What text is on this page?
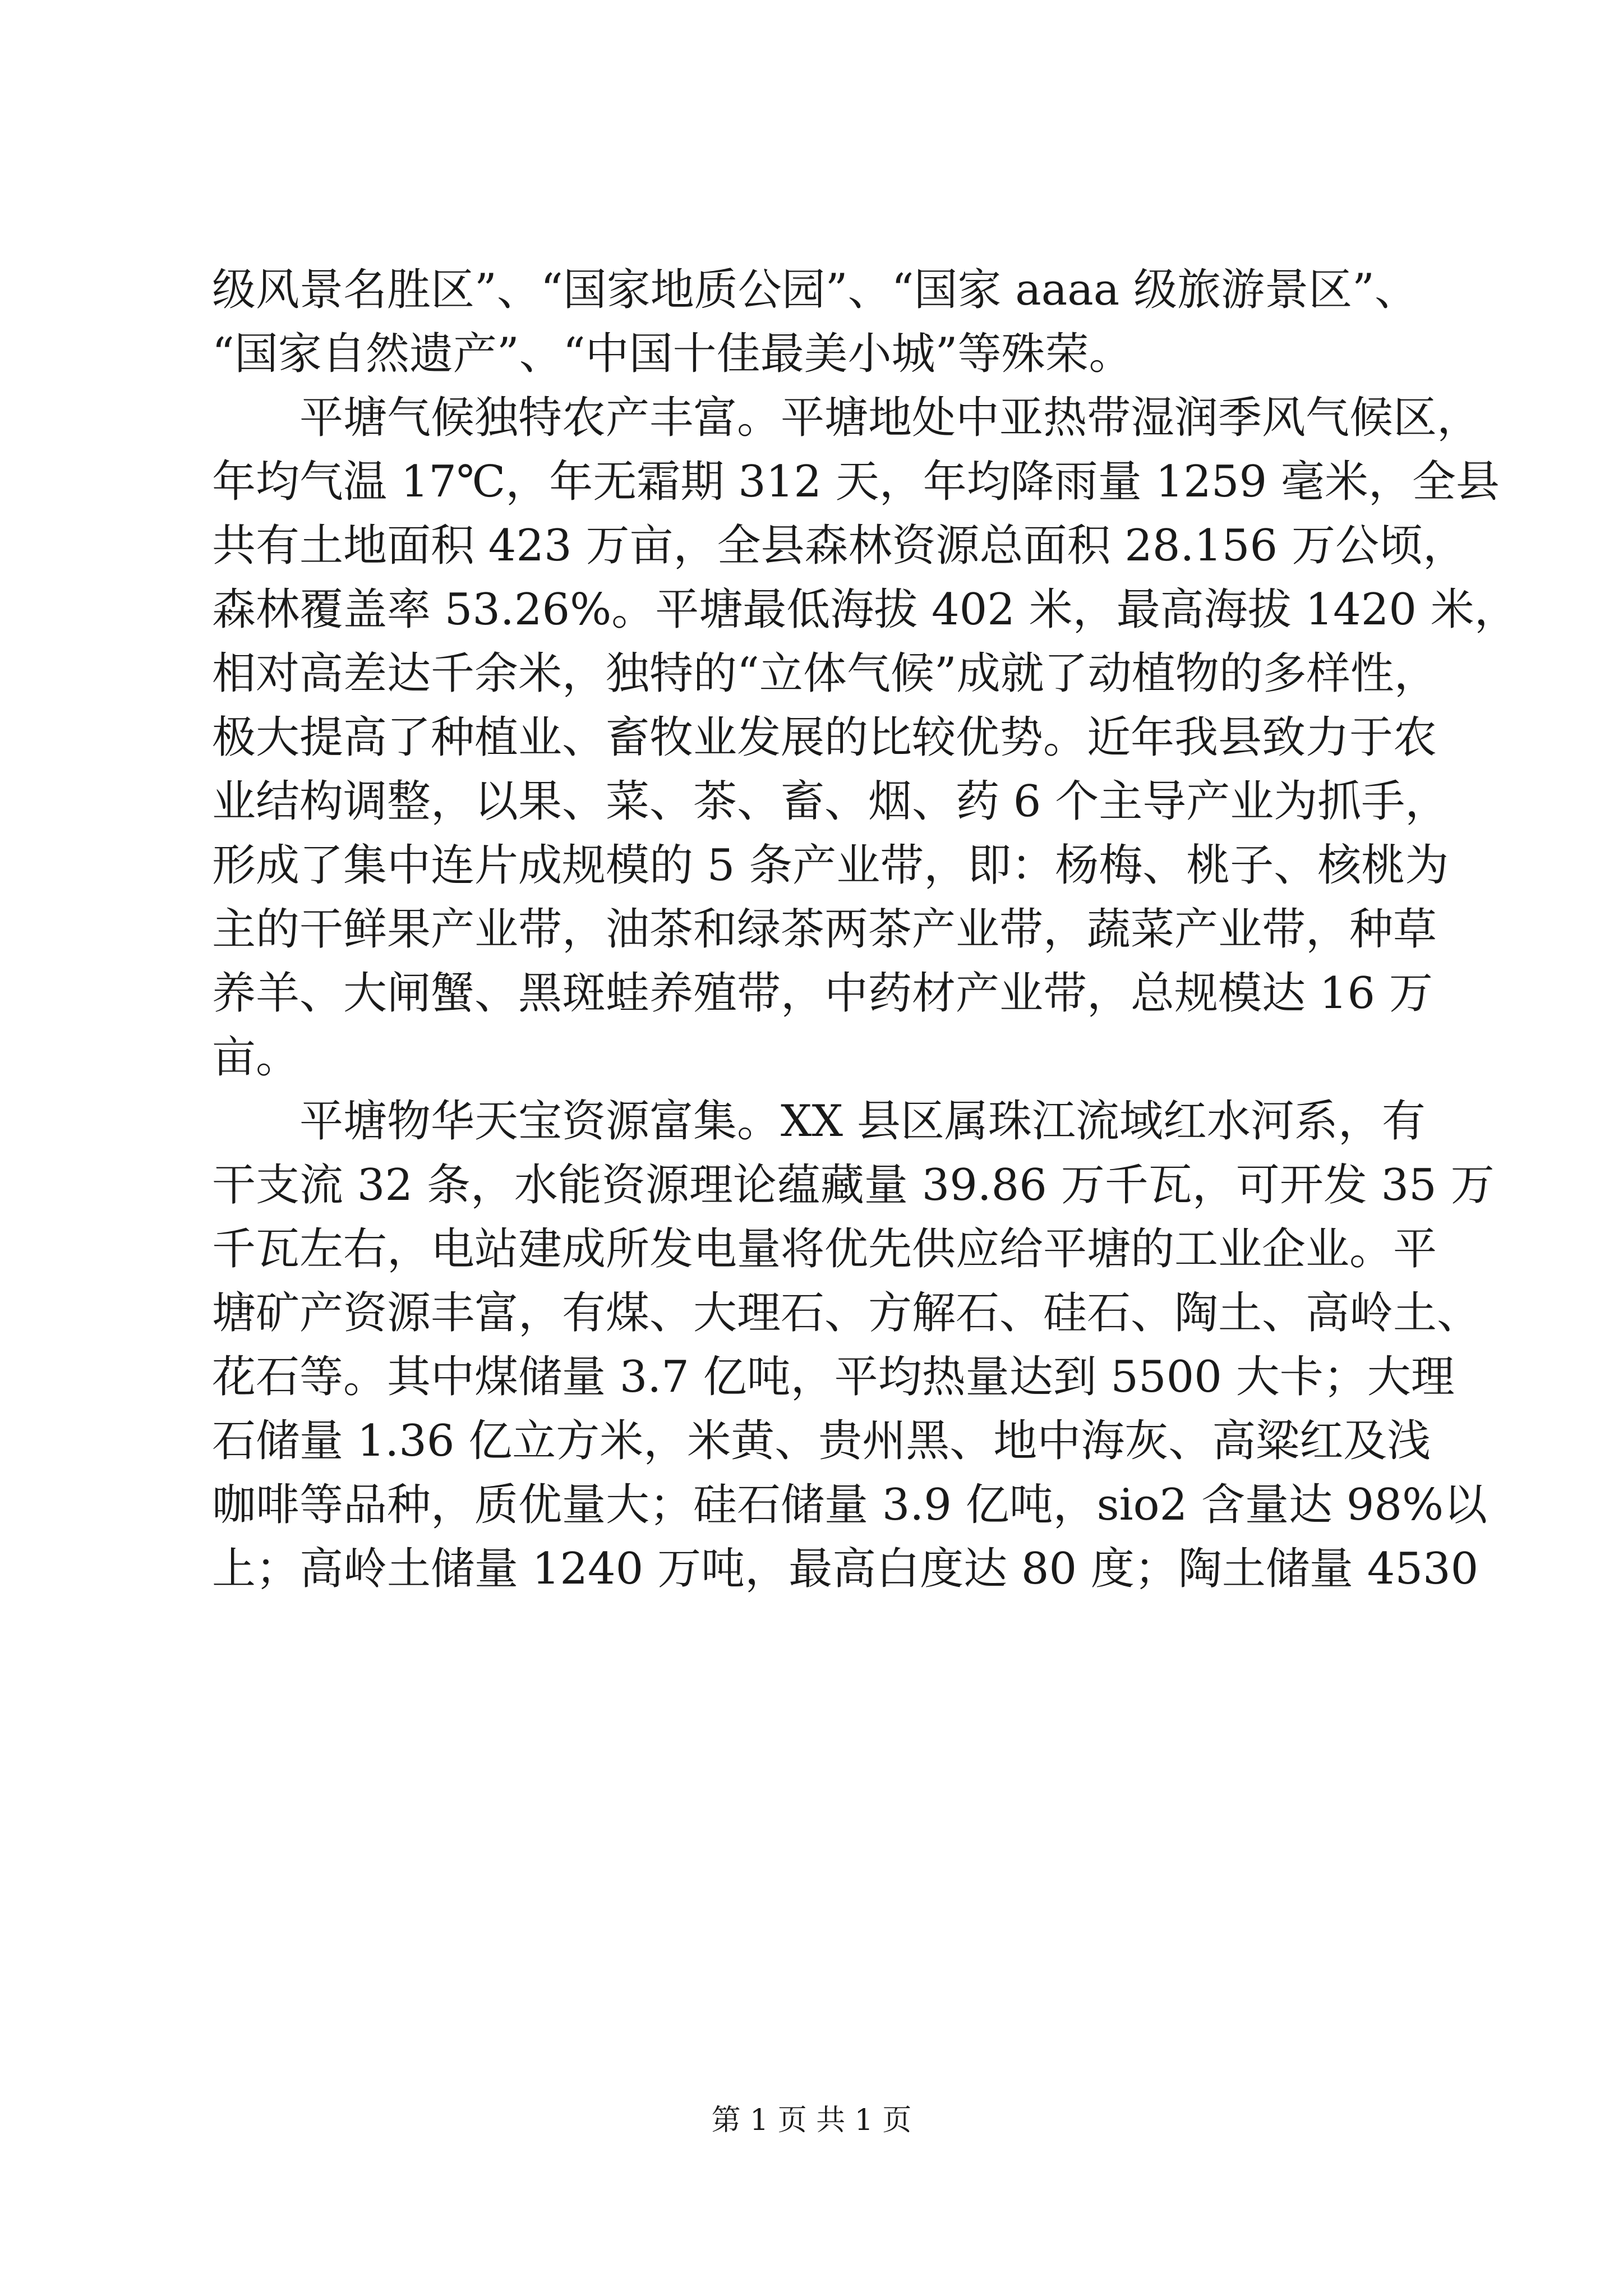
级风景名胜区”、“国家地质公园”、“国家 aaaa 级旅游景区”、
“国家自然遗产”、“中国十佳最美小城”等殊荣。
　　平塘气候独特农产丰富。平塘地处中亚热带湿润季风气候区，
年均气温 17℃，年无霜期 312 天，年均降雨量 1259 毫米，全县
共有土地面积 423 万亩，全县森林资源总面积 28.156 万公顷，
森林覆盖率 53.26%。平塘最低海拔 402 米，最高海拔 1420 米，
相对高差达千余米，独特的“立体气候”成就了动植物的多样性，
极大提高了种植业、畜牧业发展的比较优势。近年我县致力于农
业结构调整，以果、菜、茶、畜、烟、药 6 个主导产业为抓手，
形成了集中连片成规模的 5 条产业带，即：杨梅、桃子、核桃为
主的干鲜果产业带，油茶和绿茶两茶产业带，蔬菜产业带，种草
养羊、大闸蟹、黑斑蛙养殖带，中药材产业带，总规模达 16 万
亩。
　　平塘物华天宝资源富集。XX 县区属珠江流域红水河系，有
干支流 32 条，水能资源理论蕴藏量 39.86 万千瓦，可开发 35 万
千瓦左右，电站建成所发电量将优先供应给平塘的工业企业。平
塘矿产资源丰富，有煤、大理石、方解石、硅石、陶土、高岭土、
花石等。其中煤储量 3.7 亿吨，平均热量达到 5500 大卡；大理
石储量 1.36 亿立方米，米黄、贵州黑、地中海灰、高粱红及浅
咖啡等品种，质优量大；硅石储量 3.9 亿吨，sio2 含量达 98%以
上；高岭土储量 1240 万吨，最高白度达 80 度；陶土储量 4530
第 1 页 共 1 页
